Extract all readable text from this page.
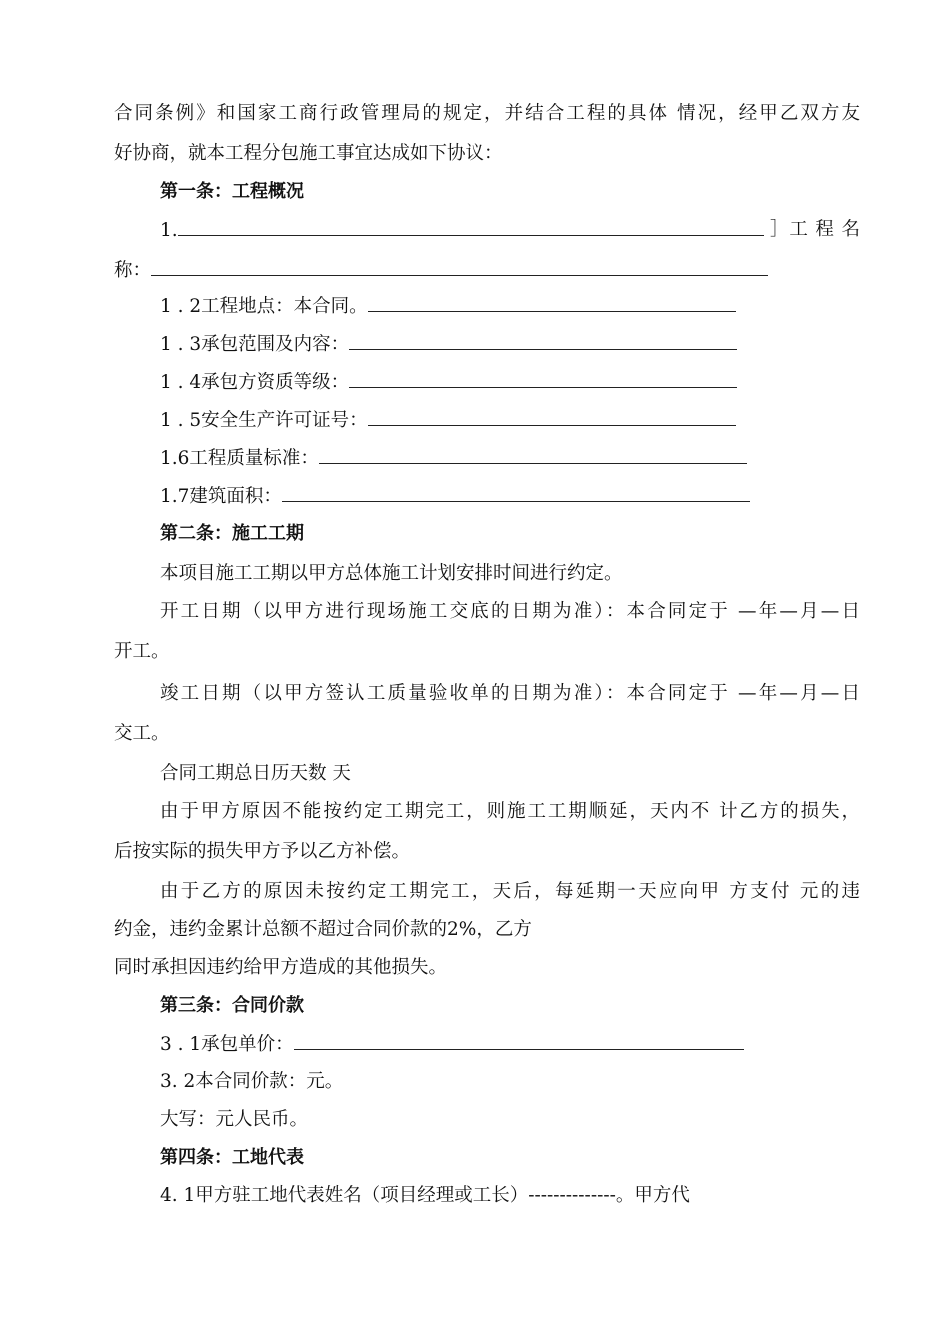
合同条例》和国家工商行政管理局的规定，并结合工程的具体 情况，经甲乙双方友

好协商，就本工程分包施工事宜达成如下协议：

第一条：工程概况

1.	］工 程 名

称：

1 . 2工程地点：本合同。

1 . 3承包范围及内容：

1 . 4承包方资质等级：

1 . 5安全生产许可证号：

1.6工程质量标准：

1.7建筑面积：

第二条：施工工期

本项目施工工期以甲方总体施工计划安排时间进行约定。

开工日期（以甲方进行现场施工交底的日期为准）：本合同定于 —年—月—日

开工。

竣工日期（以甲方签认工质量验收单的日期为准）：本合同定于 —年—月—日

交工。

合同工期总日历天数 天

由于甲方原因不能按约定工期完工，则施工工期顺延，天内不 计乙方的损失，

后按实际的损失甲方予以乙方补偿。

由于乙方的原因未按约定工期完工，天后，每延期一天应向甲 方支付 元的违

约金，违约金累计总额不超过合同价款的2%，乙方

同时承担因违约给甲方造成的其他损失。

第三条：合同价款

3 . 1承包单价：

3. 2本合同价款：元。

大写：元人民币。

第四条：工地代表

4. 1甲方驻工地代表姓名（项目经理或工长）--------------。甲方代
